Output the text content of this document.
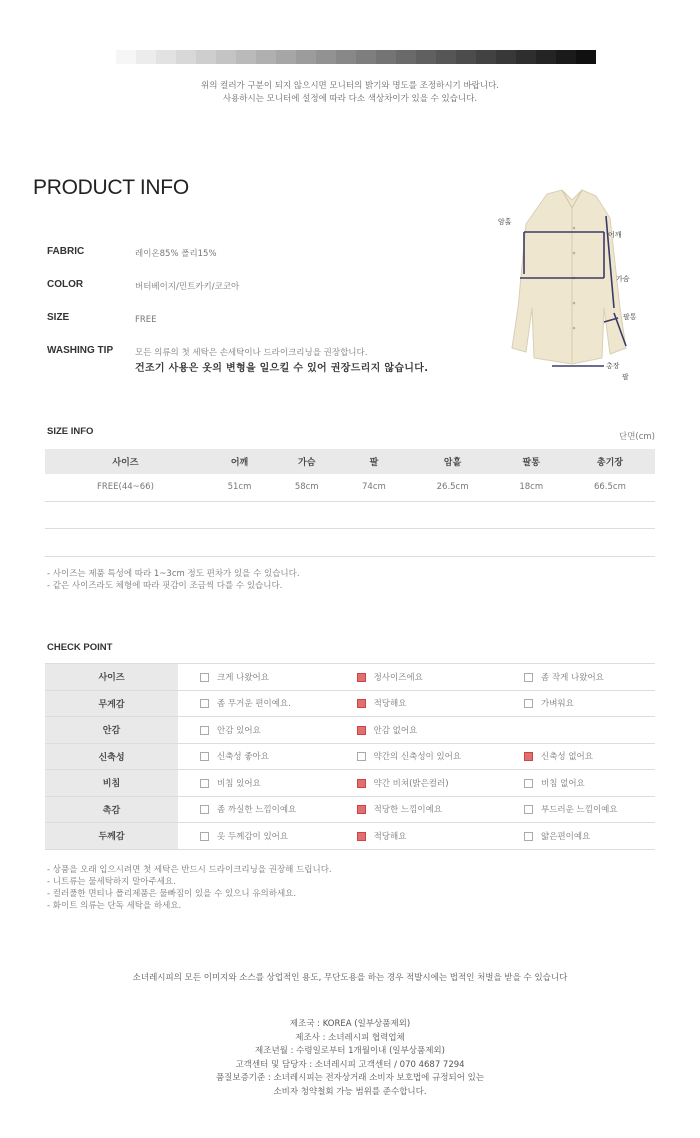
위의 컬러가 구분이 되지 않으시면 모니터의 밝기와 명도를 조정하시기 바랍니다.
사용하시는 모니터에 설정에 따라 다소 색상차이가 있을 수 있습니다.
PRODUCT INFO
FABRIC	레이온85% 폴리15%
COLOR	버터베이지/민트카키/코코아
SIZE	FREE
WASHING TIP	모든 의류의 첫 세탁은 손세탁이나 드라이크리닝을 권장합니다.
건조기 사용은 옷의 변형을 일으킬 수 있어 권장드리지 않습니다.
암홀
어깨
가슴
팔통
총장
팔
SIZE INFO	단면(cm)
사이즈	어깨	가슴	팔	암홀	팔통	총기장
FREE(44~66)	51cm	58cm	74cm	26.5cm	18cm	66.5cm
- 사이즈는 제품 특성에 따라 1~3cm 정도 편차가 있을 수 있습니다.
- 같은 사이즈라도 체형에 따라 핏감이 조금씩 다를 수 있습니다.
CHECK POINT
사이즈	크게 나왔어요	정사이즈에요	좀 작게 나왔어요
무게감	좀 무거운 편이예요.	적당해요	가벼워요
안감	안감 있어요	안감 없어요	
신축성	신축성 좋아요	약간의 신축성이 있어요	신축성 없어요
비침	비침 있어요	약간 비쳐(밝은컬러)	비침 없어요
촉감	좀 까실한 느낌이예요	적당한 느낌이예요	부드러운 느낌이예요
두께감	옷 두께감이 있어요	적당해요	얇은편이예요
- 상품을 오래 입으시려면 첫 세탁은 반드시 드라이크리닝을 권장해 드립니다.
- 니트류는 물세탁하지 말아주세요.
- 컬러풀한 면티나 폴리제품은 물빠짐이 있을 수 있으니 유의하세요.
- 화이트 의류는 단독 세탁을 하세요.
소녀레시피의 모든 이미지와 소스를 상업적인 용도, 무단도용을 하는 경우 적발시에는 법적인 처벌을 받을 수 있습니다
제조국 : KOREA (일부상품제외)
제조사 : 소녀레시피 협력업체
제조년월 : 수령일로부터 1개월이내 (일부상품제외)
고객센터 및 담당자 : 소녀레시피 고객센터 / 070 4687 7294
품질보증기준 : 소녀레시피는 전자상거래 소비자 보호법에 규정되어 있는
소비자 청약철회 가능 범위를 준수합니다.
